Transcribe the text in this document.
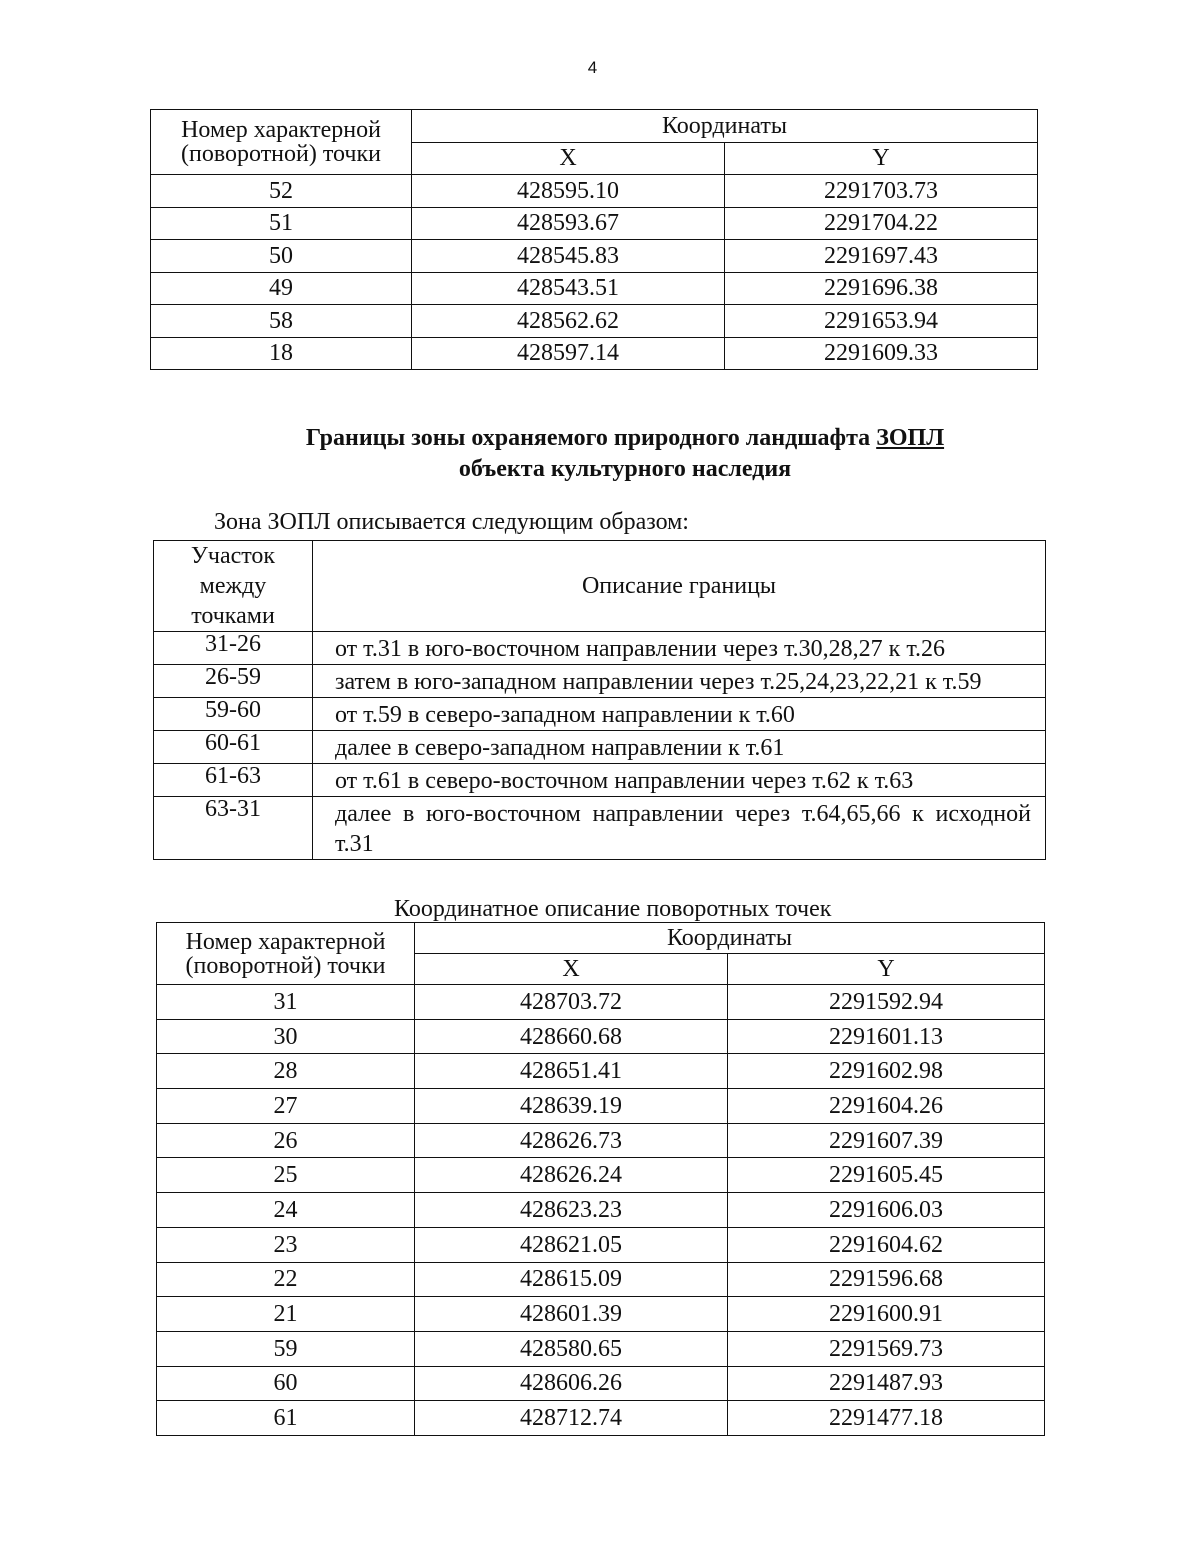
4
Номер характерной
(поворотной) точки	Координаты	
	X	Y
52	428595.10	2291703.73
51	428593.67	2291704.22
50	428545.83	2291697.43
49	428543.51	2291696.38
58	428562.62	2291653.94
18	428597.14	2291609.33
Границы зоны охраняемого природного ландшафта ЗОПЛ
объекта культурного наследия
Зона ЗОПЛ описывается следующим образом:
Участок
между
точками	Описание границы
31-26	от т.31 в юго-восточном направлении через т.30,28,27 к т.26
26-59	затем в юго-западном направлении через т.25,24,23,22,21 к т.59
59-60	от т.59 в северо-западном направлении к т.60
60-61	далее в северо-западном направлении к т.61
61-63	от т.61 в северо-восточном направлении через т.62 к т.63
63-31	далее в юго-восточном направлении через т.64,65,66 к исходной т.31
Координатное описание поворотных точек
Номер характерной
(поворотной) точки	Координаты	
	X	Y
31	428703.72	2291592.94
30	428660.68	2291601.13
28	428651.41	2291602.98
27	428639.19	2291604.26
26	428626.73	2291607.39
25	428626.24	2291605.45
24	428623.23	2291606.03
23	428621.05	2291604.62
22	428615.09	2291596.68
21	428601.39	2291600.91
59	428580.65	2291569.73
60	428606.26	2291487.93
61	428712.74	2291477.18
